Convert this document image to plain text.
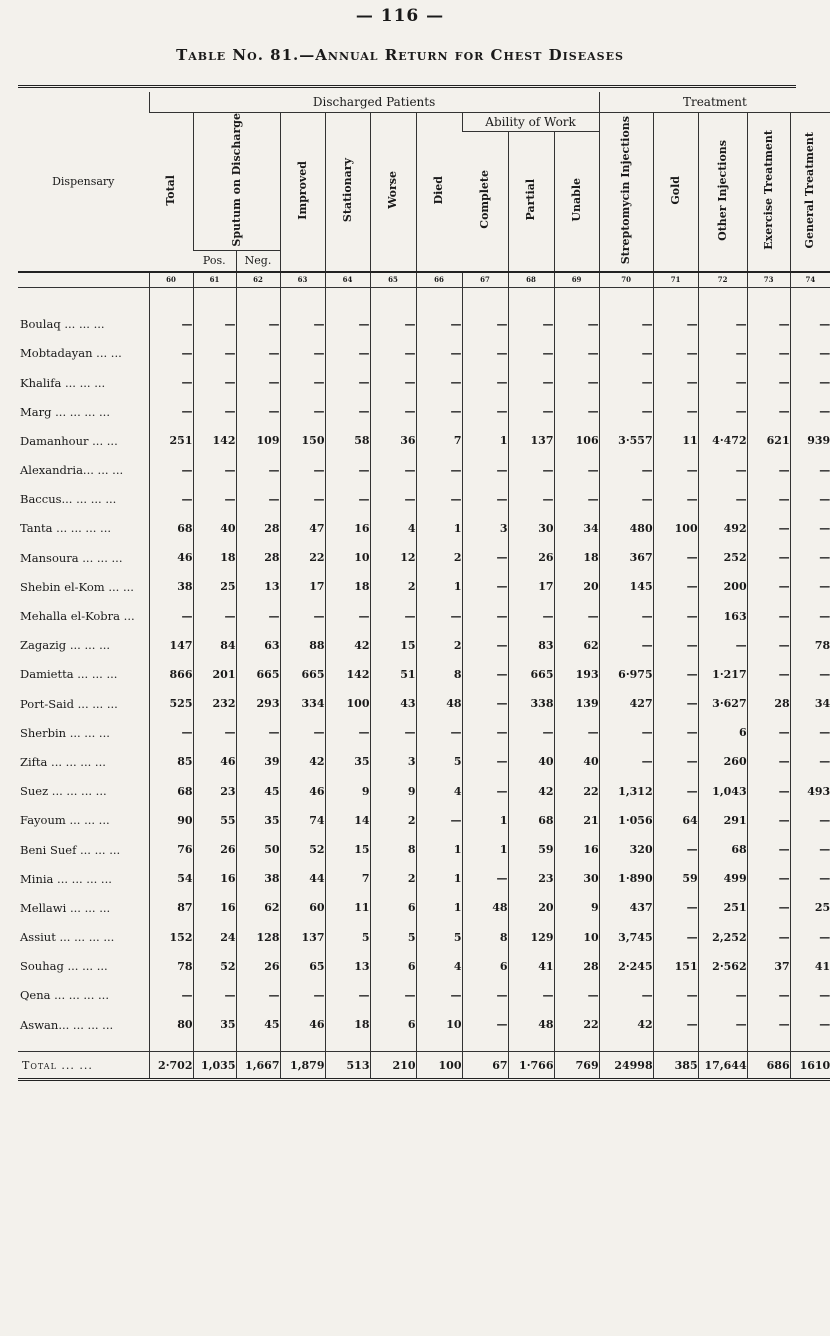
— 116 —
Table No. 81.—Annual Return for Chest Diseases
Dispensary	Discharged Patients										Treatment				
	Total	Sputum on Discharge		Improved	Stationary	Worse	Died	Ability of Work			Streptomycin Injections	Gold	Other Injections	Exercise Treatment	General Treatment
								Complete	Partial	Unable					
		Pos.	Neg.												
	60	61	62	63	64	65	66	67	68	69	70	71	72	73	74

Boulaq ... ... ...	—	—	—	—	—	—	—	—	—	—	—	—	—	—	—
Mobtadayan ... ...	—	—	—	—	—	—	—	—	—	—	—	—	—	—	—
Khalifa ... ... ...	—	—	—	—	—	—	—	—	—	—	—	—	—	—	—
Marg ... ... ... ...	—	—	—	—	—	—	—	—	—	—	—	—	—	—	—
Damanhour ... ...	251	142	109	150	58	36	7	1	137	106	3·557	11	4·472	621	939
Alexandria... ... ...	—	—	—	—	—	—	—	—	—	—	—	—	—	—	—
Baccus... ... ... ...	—	—	—	—	—	—	—	—	—	—	—	—	—	—	—
Tanta ... ... ... ...	68	40	28	47	16	4	1	3	30	34	480	100	492	—	—
Mansoura ... ... ...	46	18	28	22	10	12	2	—	26	18	367	—	252	—	—
Shebin el-Kom ... ...	38	25	13	17	18	2	1	—	17	20	145	—	200	—	—
Mehalla el-Kobra ...	—	—	—	—	—	—	—	—	—	—	—	—	163	—	—
Zagazig ... ... ...	147	84	63	88	42	15	2	—	83	62	—	—	—	—	78
Damietta ... ... ...	866	201	665	665	142	51	8	—	665	193	6·975	—	1·217	—	—
Port-Said ... ... ...	525	232	293	334	100	43	48	—	338	139	427	—	3·627	28	34
Sherbin ... ... ...	—	—	—	—	—	—	—	—	—	—	—	—	6	—	—
Zifta ... ... ... ...	85	46	39	42	35	3	5	—	40	40	—	—	260	—	—
Suez ... ... ... ...	68	23	45	46	9	9	4	—	42	22	1,312	—	1,043	—	493
Fayoum ... ... ...	90	55	35	74	14	2	—	1	68	21	1·056	64	291	—	—
Beni Suef ... ... ...	76	26	50	52	15	8	1	1	59	16	320	—	68	—	—
Minia ... ... ... ...	54	16	38	44	7	2	1	—	23	30	1·890	59	499	—	—
Mellawi ... ... ...	87	16	62	60	11	6	1	48	20	9	437	—	251	—	25
Assiut ... ... ... ...	152	24	128	137	5	5	5	8	129	10	3,745	—	2,252	—	—
Souhag ... ... ...	78	52	26	65	13	6	4	6	41	28	2·245	151	2·562	37	41
Qena ... ... ... ...	—	—	—	—	—	—	—	—	—	—	—	—	—	—	—
Aswan... ... ... ...	80	35	45	46	18	6	10	—	48	22	42	—	—	—	—

Total ... ...	2·702	1,035	1,667	1,879	513	210	100	67	1·766	769	24998	385	17,644	686	1610
